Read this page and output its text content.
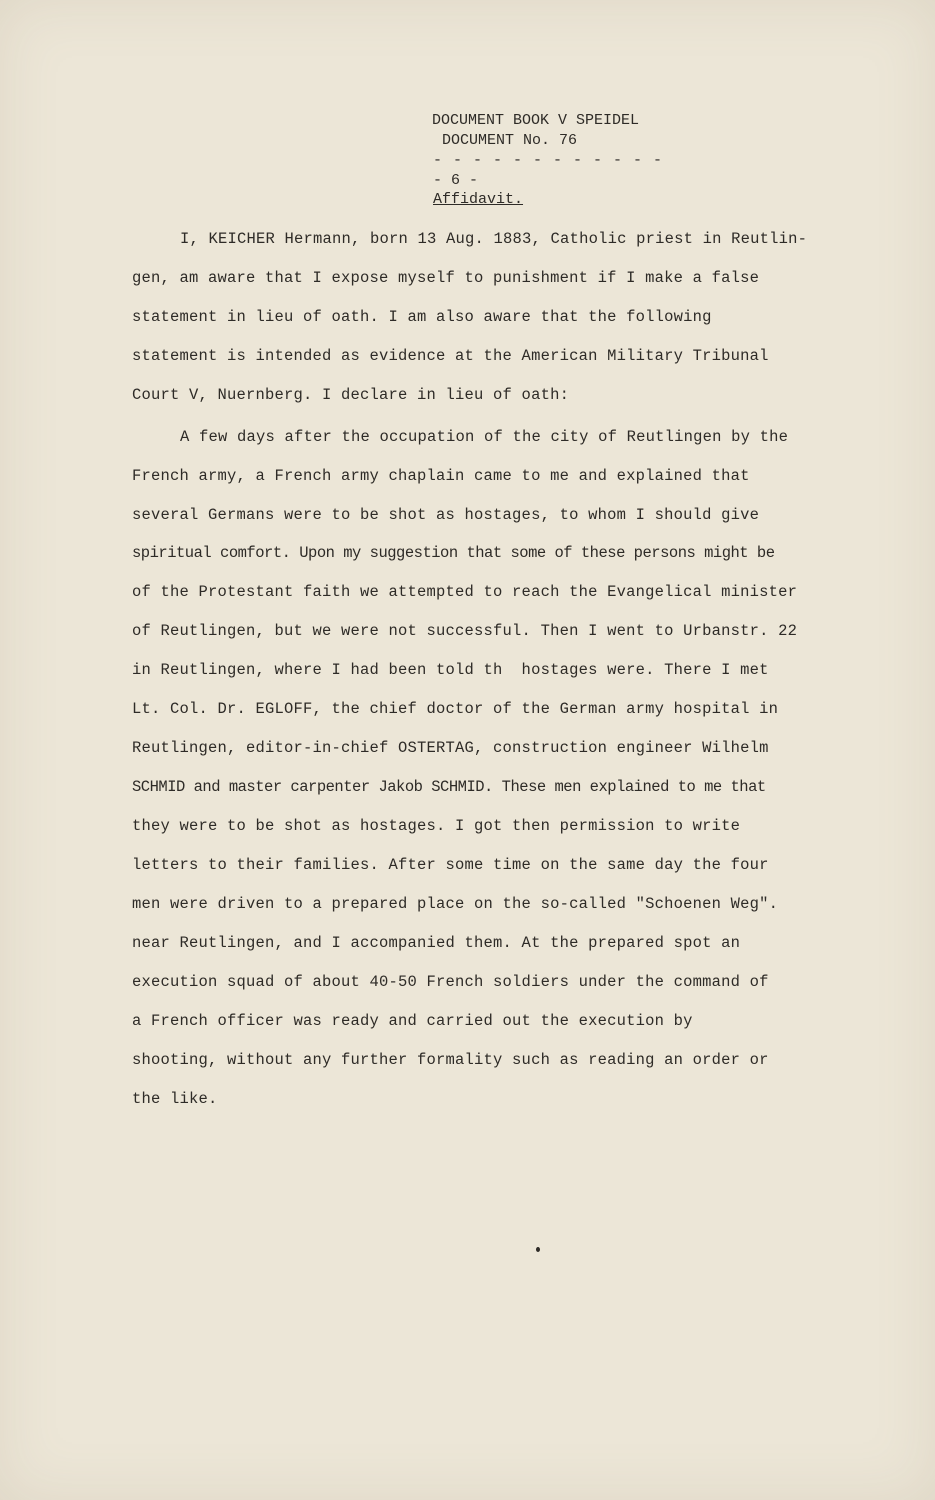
DOCUMENT BOOK V SPEIDEL
DOCUMENT No. 76
- - - - - - - - - - - -
- 6 -
Affidavit.
I, KEICHER Hermann, born 13 Aug. 1883, Catholic priest in Reutlin-
gen, am aware that I expose myself to punishment if I make a false
statement in lieu of oath. I am also aware that the following
statement is intended as evidence at the American Military Tribunal
Court V, Nuernberg. I declare in lieu of oath:
A few days after the occupation of the city of Reutlingen by the
French army, a French army chaplain came to me and explained that
several Germans were to be shot as hostages, to whom I should give
spiritual comfort. Upon my suggestion that some of these persons might be
of the Protestant faith we attempted to reach the Evangelical minister
of Reutlingen, but we were not successful. Then I went to Urbanstr. 22
in Reutlingen, where I had been told th  hostages were. There I met
Lt. Col. Dr. EGLOFF, the chief doctor of the German army hospital in
Reutlingen, editor-in-chief OSTERTAG, construction engineer Wilhelm
SCHMID and master carpenter Jakob SCHMID. These men explained to me that
they were to be shot as hostages. I got then permission to write
letters to their families. After some time on the same day the four
men were driven to a prepared place on the so-called "Schoenen Weg".
near Reutlingen, and I accompanied them. At the prepared spot an
execution squad of about 40-50 French soldiers under the command of
a French officer was ready and carried out the execution by
shooting, without any further formality such as reading an order or
the like.
